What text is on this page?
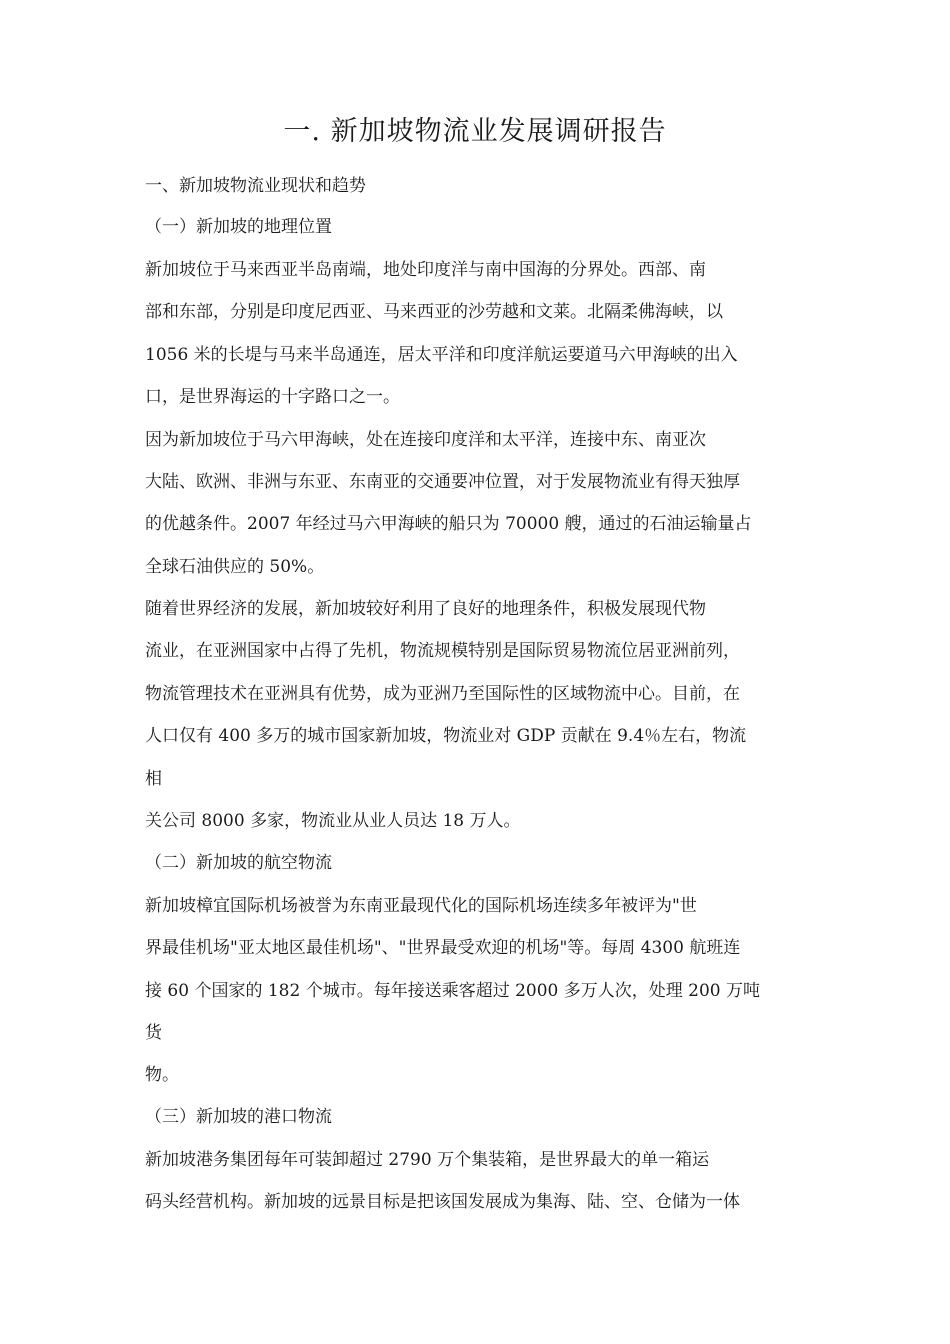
一. 新加坡物流业发展调研报告
一、新加坡物流业现状和趋势
（一）新加坡的地理位置
新加坡位于马来西亚半岛南端，地处印度洋与南中国海的分界处。西部、南
部和东部，分别是印度尼西亚、马来西亚的沙劳越和文莱。北隔柔佛海峡，以
1056 米的长堤与马来半岛通连，居太平洋和印度洋航运要道马六甲海峡的出入
口，是世界海运的十字路口之一。
因为新加坡位于马六甲海峡，处在连接印度洋和太平洋，连接中东、南亚次
大陆、欧洲、非洲与东亚、东南亚的交通要冲位置，对于发展物流业有得天独厚
的优越条件。2007 年经过马六甲海峡的船只为 70000 艘，通过的石油运输量占
全球石油供应的 50%。
随着世界经济的发展，新加坡较好利用了良好的地理条件，积极发展现代物
流业，在亚洲国家中占得了先机，物流规模特别是国际贸易物流位居亚洲前列，
物流管理技术在亚洲具有优势，成为亚洲乃至国际性的区域物流中心。目前，在
人口仅有 400 多万的城市国家新加坡，物流业对 GDP 贡献在 9.4％左右，物流
相
关公司 8000 多家，物流业从业人员达 18 万人。
（二）新加坡的航空物流
新加坡樟宜国际机场被誉为东南亚最现代化的国际机场连续多年被评为"世
界最佳机场"亚太地区最佳机场"、"世界最受欢迎的机场"等。每周 4300 航班连
接 60 个国家的 182 个城市。每年接送乘客超过 2000 多万人次，处理 200 万吨
货
物。
（三）新加坡的港口物流
新加坡港务集团每年可装卸超过 2790 万个集装箱，是世界最大的单一箱运
码头经营机构。新加坡的远景目标是把该国发展成为集海、陆、空、仓储为一体
